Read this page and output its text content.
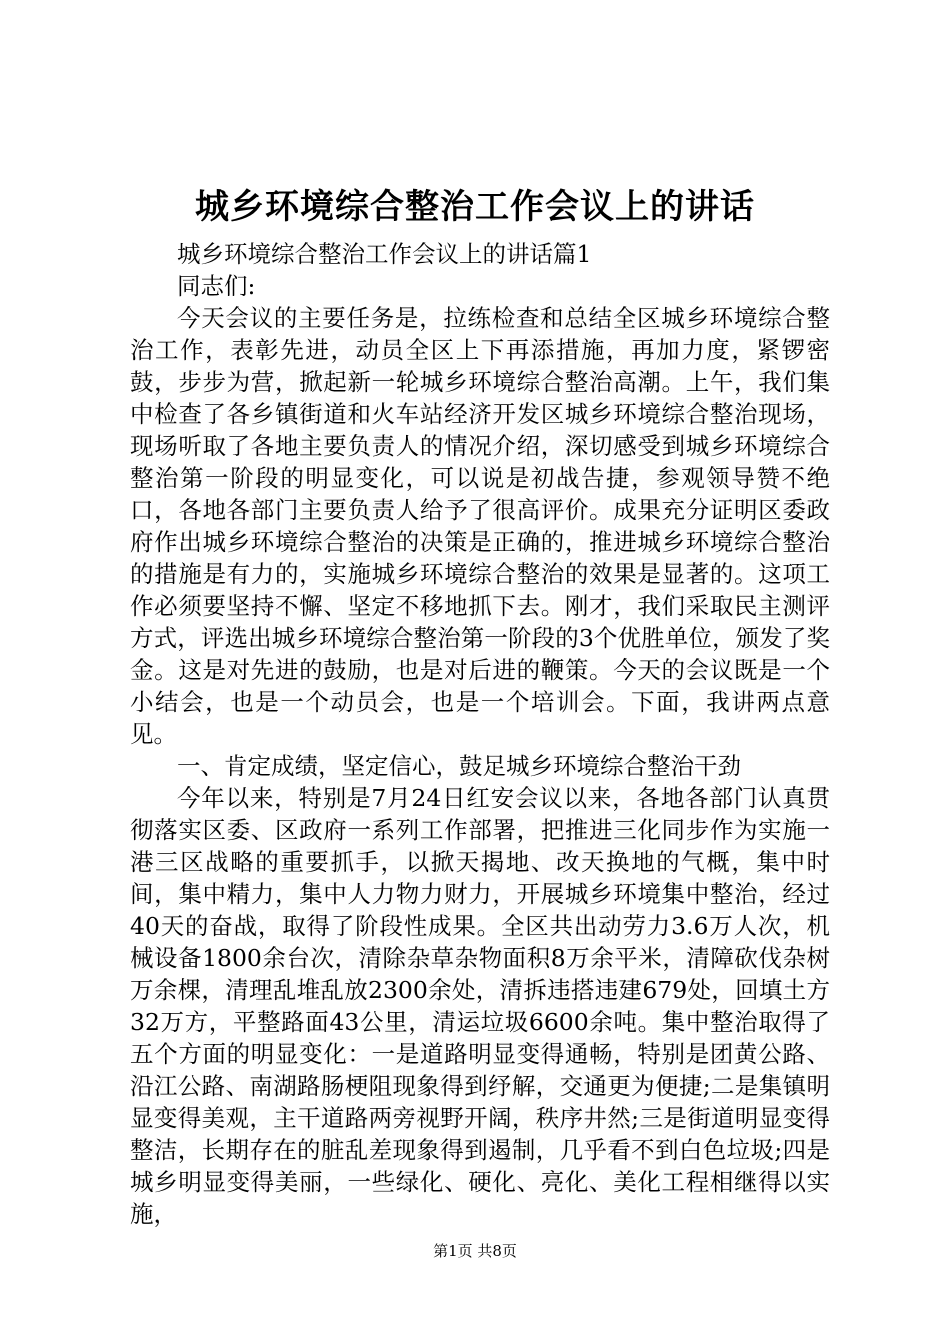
城乡环境综合整治工作会议上的讲话

城乡环境综合整治工作会议上的讲话篇1

同志们:

今天会议的主要任务是，拉练检查和总结全区城乡环境综合整治工作，表彰先进，动员全区上下再添措施，再加力度，紧锣密鼓，步步为营，掀起新一轮城乡环境综合整治高潮。上午，我们集中检查了各乡镇街道和火车站经济开发区城乡环境综合整治现场，现场听取了各地主要负责人的情况介绍，深切感受到城乡环境综合整治第一阶段的明显变化，可以说是初战告捷，参观领导赞不绝口，各地各部门主要负责人给予了很高评价。成果充分证明区委政府作出城乡环境综合整治的决策是正确的，推进城乡环境综合整治的措施是有力的，实施城乡环境综合整治的效果是显著的。这项工作必须要坚持不懈、坚定不移地抓下去。刚才，我们采取民主测评方式，评选出城乡环境综合整治第一阶段的3个优胜单位，颁发了奖金。这是对先进的鼓励，也是对后进的鞭策。今天的会议既是一个小结会，也是一个动员会，也是一个培训会。下面，我讲两点意见。

一、肯定成绩，坚定信心，鼓足城乡环境综合整治干劲

今年以来，特别是7月24日红安会议以来，各地各部门认真贯彻落实区委、区政府一系列工作部署，把推进三化同步作为实施一港三区战略的重要抓手，以掀天揭地、改天换地的气概，集中时间，集中精力，集中人力物力财力，开展城乡环境集中整治，经过40天的奋战，取得了阶段性成果。全区共出动劳力3.6万人次，机械设备1800余台次，清除杂草杂物面积8万余平米，清障砍伐杂树万余棵，清理乱堆乱放2300余处，清拆违搭违建679处，回填土方32万方，平整路面43公里，清运垃圾6600余吨。集中整治取得了五个方面的明显变化：一是道路明显变得通畅，特别是团黄公路、沿江公路、南湖路肠梗阻现象得到纾解，交通更为便捷;二是集镇明显变得美观，主干道路两旁视野开阔，秩序井然;三是街道明显变得整洁，长期存在的脏乱差现象得到遏制，几乎看不到白色垃圾;四是城乡明显变得美丽，一些绿化、硬化、亮化、美化工程相继得以实施，

第1页 共8页
